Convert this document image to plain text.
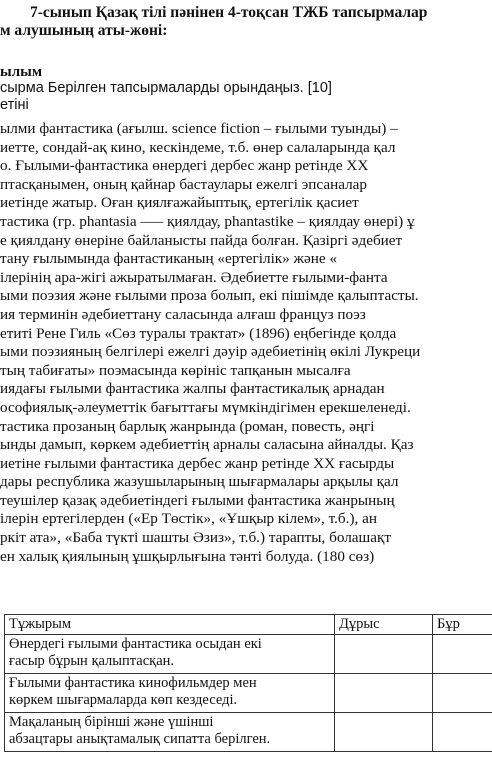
7-сынып Қазақ тілі пәнінен 4-тоқсан ТЖБ тапсырмалар
м алушының аты-жөні:
ылым
сырма Берілген тапсырмаларды орындаңыз. [10]
етіні
ылми фантастика (ағылш. science fiction – ғылыми туынды) –
иетте, сондай-ақ кино, кескіндеме, т.б. өнер салаларында қал
о. Ғылыми-фантастика өнердегі дербес жанр ретінде ХХ
птасқанымен, оның қайнар бастаулары ежелгі эпсаналар
иетінде жатыр. Оған қиялғажайыптық, ертегілік қасиет
тастика (гр. phantasia —– қиялдау, phantastike – қиялдау өнері) ұ
е қиялдану өнеріне байланысты пайда болған. Қазіргі әдебиет
тану ғылымында фантастиканың «ертегілік» және «
ілерінің ара-жігі ажыратылмаған. Әдебиетте ғылыми-фанта
ыми поэзия және ғылыми проза болып, екі пішімде қалыптасты.
ия терминін әдебиеттану саласында алғаш француз поэз
етиті Рене Гиль «Сөз туралы трактат» (1896) еңбегінде қолда
ыми поэзияның белгілері ежелгі дәуір әдебиетінің өкілі Лукреци
тың табиғаты» поэмасында көрініс тапқанын мысалға
иядағы ғылыми фантастика жалпы фантастикалық арнадан
ософиялық-әлеуметтік бағыттағы мүмкіндігімен ерекшеленеді.
тастика прозаның барлық жанрында (роман, повесть, әңгі
ынды дамып, көркем әдебиеттің арналы саласына айналды. Қаз
иетіне ғылыми фантастика дербес жанр ретінде ХХ ғасырды
дары республика жазушыларының шығармалары арқылы қал
теушілер қазақ әдебиетіндегі ғылыми фантастика жанрының
ілерін ертегілерден («Ер Төстік», «Ұшқыр кілем», т.б.), ан
ркіт ата», «Баба түкті шашты Әзиз», т.б.) тарапты, болашақт
ен халық қиялының ұшқырлығына тәнті болуда. (180 сөз)
Тұжырым	Дұрыс	Бұр

Өнердегі ғылыми фантастика осыдан екі
ғасыр бұрын қалыптасқан.		

Ғылыми фантастика кинофильмдер мен
көркем шығармаларда көп кездеседі.		

Мақаланың бірінші және үшінші
абзацтары анықтамалық сипатта берілген.		
